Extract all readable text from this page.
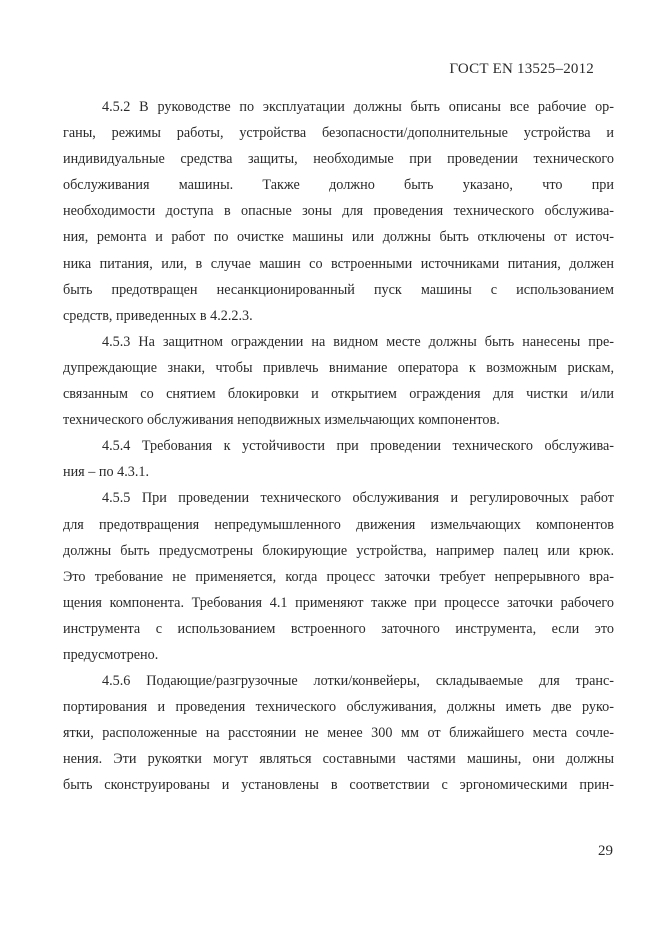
ГОСТ EN 13525–2012
4.5.2 В руководстве по эксплуатации должны быть описаны все рабочие ор-
ганы, режимы работы, устройства безопасности/дополнительные устройства и
индивидуальные средства защиты, необходимые при проведении технического
обслуживания машины. Также должно быть указано, что при
необходимости доступа в опасные зоны для проведения технического обслужива-
ния, ремонта и работ по очистке машины или должны быть отключены от источ-
ника питания, или, в случае машин со встроенными источниками питания, должен
быть предотвращен несанкционированный пуск машины с использованием
средств, приведенных в 4.2.2.3.
4.5.3 На защитном ограждении на видном месте должны быть нанесены пре-
дупреждающие знаки, чтобы привлечь внимание оператора к возможным рискам,
связанным со снятием блокировки и открытием ограждения для чистки и/или
технического обслуживания неподвижных измельчающих компонентов.
4.5.4 Требования к устойчивости при проведении технического обслужива-
ния – по 4.3.1.
4.5.5 При проведении технического обслуживания и регулировочных работ
для предотвращения непредумышленного движения измельчающих компонентов
должны быть предусмотрены блокирующие устройства, например палец или крюк.
Это требование не применяется, когда процесс заточки требует непрерывного вра-
щения компонента. Требования 4.1 применяют также при процессе заточки рабочего
инструмента с использованием встроенного заточного инструмента, если это
предусмотрено.
4.5.6 Подающие/разгрузочные лотки/конвейеры, складываемые для транс-
портирования и проведения технического обслуживания, должны иметь две руко-
ятки, расположенные на расстоянии не менее 300 мм от ближайшего места сочле-
нения. Эти рукоятки могут являться составными частями машины, они должны
быть сконструированы и установлены в соответствии с эргономическими прин-
29
